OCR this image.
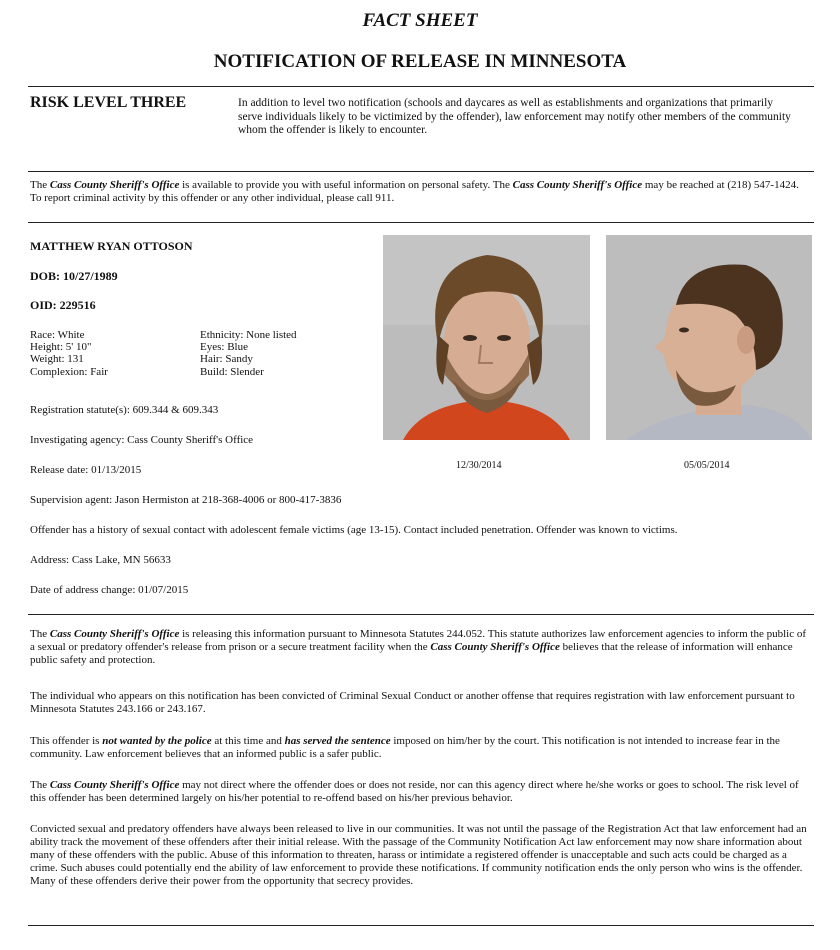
FACT SHEET
NOTIFICATION OF RELEASE IN MINNESOTA
RISK LEVEL THREE	In addition to level two notification (schools and daycares as well as establishments and organizations that primarily serve individuals likely to be victimized by the offender), law enforcement may notify other members of the community whom the offender is likely to encounter.
The Cass County Sheriff's Office is available to provide you with useful information on personal safety. The Cass County Sheriff's Office may be reached at (218) 547-1424. To report criminal activity by this offender or any other individual, please call 911.
MATTHEW RYAN OTTOSON
DOB: 10/27/1989
OID: 229516
Race: White
Height: 5' 10"
Weight: 131
Complexion: Fair
Ethnicity: None listed
Eyes: Blue
Hair: Sandy
Build: Slender
Registration statute(s): 609.344 & 609.343
Investigating agency: Cass County Sheriff's Office
Release date: 01/13/2015
Supervision agent: Jason Hermiston at 218-368-4006 or 800-417-3836
Offender has a history of sexual contact with adolescent female victims (age 13-15). Contact included penetration. Offender was known to victims.
Address: Cass Lake, MN 56633
Date of address change: 01/07/2015
12/30/2014	05/05/2014
The Cass County Sheriff's Office is releasing this information pursuant to Minnesota Statutes 244.052. This statute authorizes law enforcement agencies to inform the public of a sexual or predatory offender's release from prison or a secure treatment facility when the Cass County Sheriff's Office believes that the release of information will enhance public safety and protection.
The individual who appears on this notification has been convicted of Criminal Sexual Conduct or another offense that requires registration with law enforcement pursuant to Minnesota Statutes 243.166 or 243.167.
This offender is not wanted by the police at this time and has served the sentence imposed on him/her by the court. This notification is not intended to increase fear in the community. Law enforcement believes that an informed public is a safer public.
The Cass County Sheriff's Office may not direct where the offender does or does not reside, nor can this agency direct where he/she works or goes to school. The risk level of this offender has been determined largely on his/her potential to re-offend based on his/her previous behavior.
Convicted sexual and predatory offenders have always been released to live in our communities. It was not until the passage of the Registration Act that law enforcement had an ability track the movement of these offenders after their initial release. With the passage of the Community Notification Act law enforcement may now share information about many of these offenders with the public. Abuse of this information to threaten, harass or intimidate a registered offender is unacceptable and such acts could be charged as a crime. Such abuses could potentially end the ability of law enforcement to provide these notifications. If community notification ends the only person who wins is the offender. Many of these offenders derive their power from the opportunity that secrecy provides.
